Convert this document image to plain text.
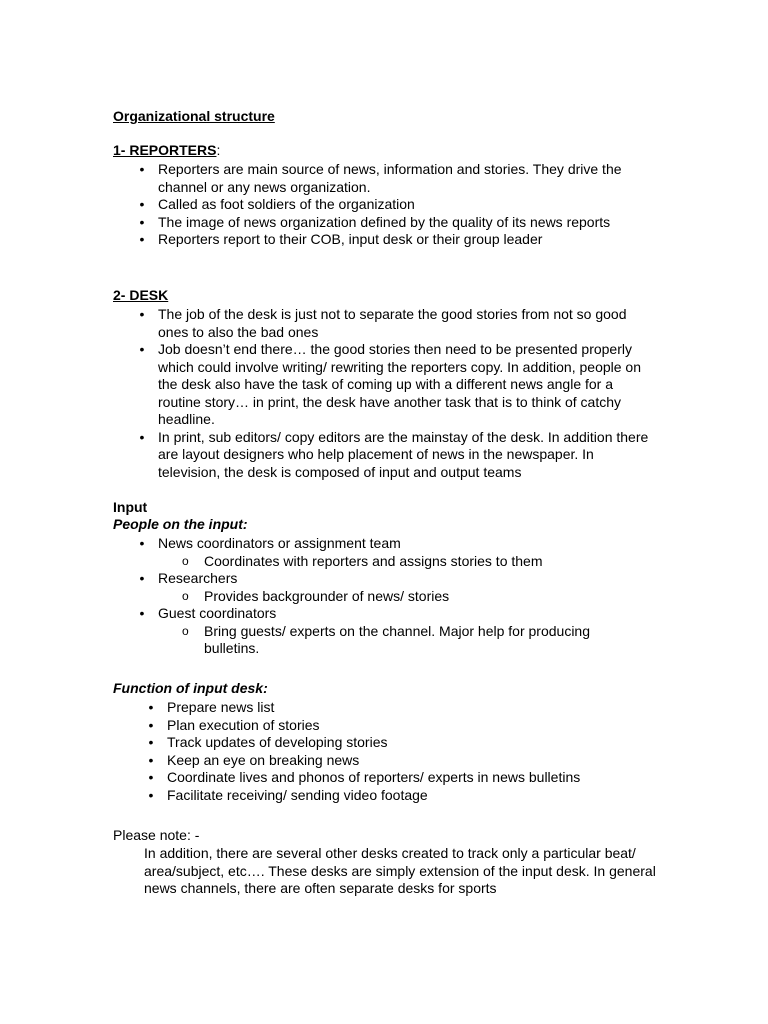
Organizational structure
1- REPORTERS:
• Reporters are main source of news, information and stories. They drive the channel or any news organization.
• Called as foot soldiers of the organization
• The image of news organization defined by the quality of its news reports
• Reporters report to their COB, input desk or their group leader
2- DESK
• The job of the desk is just not to separate the good stories from not so good ones to also the bad ones
• Job doesn’t end there… the good stories then need to be presented properly which could involve writing/ rewriting the reporters copy. In addition, people on the desk also have the task of coming up with a different news angle for a routine story… in print, the desk have another task that is to think of catchy headline.
• In print, sub editors/ copy editors are the mainstay of the desk. In addition there are layout designers who help placement of news in the newspaper. In television, the desk is composed of input and output teams
Input
People on the input:
• News coordinators or assignment team
o Coordinates with reporters and assigns stories to them
• Researchers
o Provides backgrounder of news/ stories
• Guest coordinators
o Bring guests/ experts on the channel. Major help for producing bulletins.
Function of input desk:
• Prepare news list
• Plan execution of stories
• Track updates of developing stories
• Keep an eye on breaking news
• Coordinate lives and phonos of reporters/ experts in news bulletins
• Facilitate receiving/ sending video footage
Please note: -
In addition, there are several other desks created to track only a particular beat/ area/subject, etc…. These desks are simply extension of the input desk. In general news channels, there are often separate desks for sports
